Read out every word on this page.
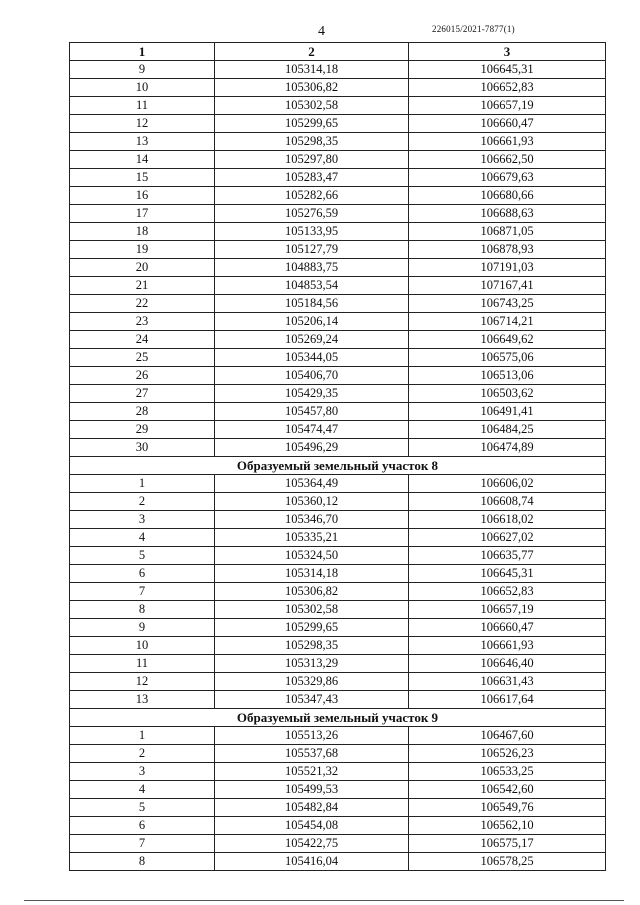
4	226015/2021-7877(1)
1	2	3
9	105314,18	106645,31
10	105306,82	106652,83
11	105302,58	106657,19
12	105299,65	106660,47
13	105298,35	106661,93
14	105297,80	106662,50
15	105283,47	106679,63
16	105282,66	106680,66
17	105276,59	106688,63
18	105133,95	106871,05
19	105127,79	106878,93
20	104883,75	107191,03
21	104853,54	107167,41
22	105184,56	106743,25
23	105206,14	106714,21
24	105269,24	106649,62
25	105344,05	106575,06
26	105406,70	106513,06
27	105429,35	106503,62
28	105457,80	106491,41
29	105474,47	106484,25
30	105496,29	106474,89
Образуемый земельный участок 8		
1	105364,49	106606,02
2	105360,12	106608,74
3	105346,70	106618,02
4	105335,21	106627,02
5	105324,50	106635,77
6	105314,18	106645,31
7	105306,82	106652,83
8	105302,58	106657,19
9	105299,65	106660,47
10	105298,35	106661,93
11	105313,29	106646,40
12	105329,86	106631,43
13	105347,43	106617,64
Образуемый земельный участок 9		
1	105513,26	106467,60
2	105537,68	106526,23
3	105521,32	106533,25
4	105499,53	106542,60
5	105482,84	106549,76
6	105454,08	106562,10
7	105422,75	106575,17
8	105416,04	106578,25
